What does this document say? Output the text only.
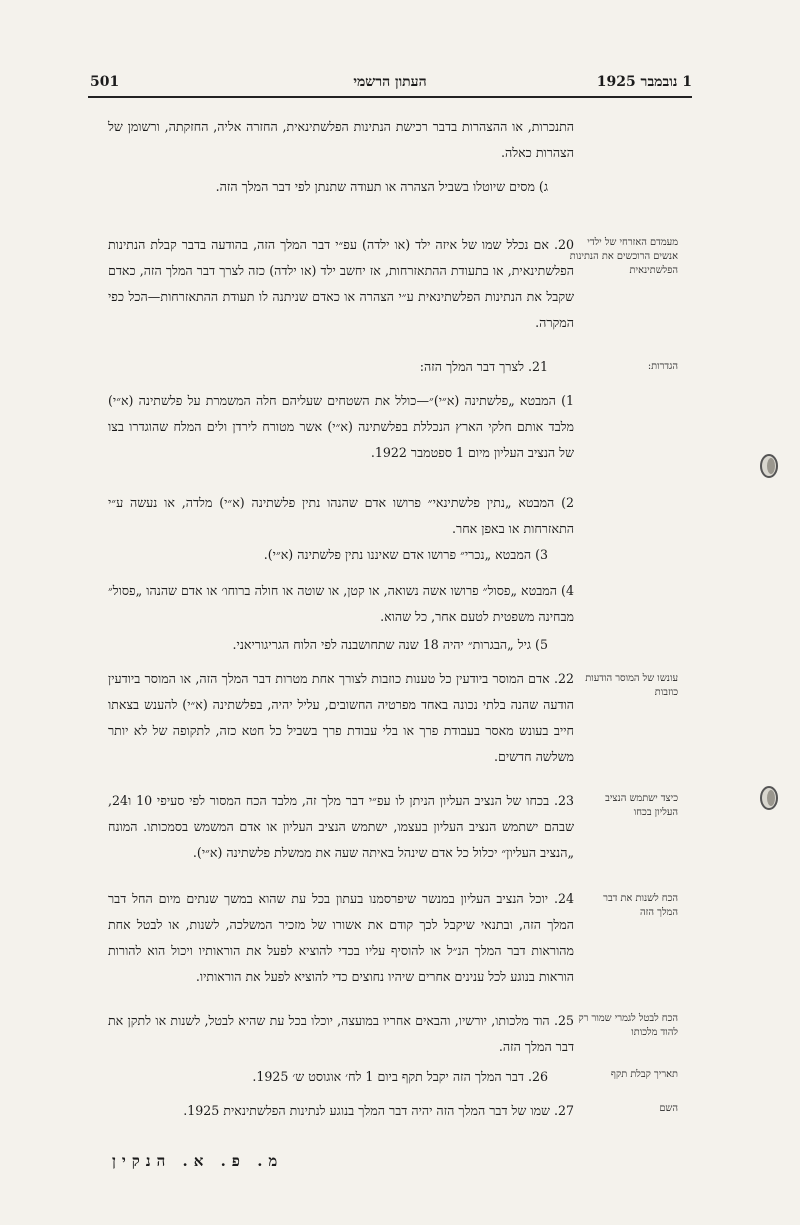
501	העתון הרשמי	1 נובמבר 1925
התנכרות, או ההצהרות בדבר רכישת הנתינות הפלשתינאית, החזרה אליה, החזקתה, ורשומן של הצהרות כאלה.
ג) מסים שיוטלו בשביל הצהרה או תעודה שתנתן לפי דבר המלך הזה.
20. אם נכלל שמו של איזה ילד (או ילדה) עפ״י דבר המלך הזה, בהודעה בדבר קבלת הנתינות הפלשתינאית, או בתעודת ההתאזרחות, אז יחשב ילד (או ילדה) כזה לצרך דבר המלך הזה, כאדם שקבל את הנתינות הפלשתינאית ע״י הצהרה או כאדם שניתנה לו תעודת ההתאזרחות—הכל כפי המקרה.
21. לצרך דבר המלך הזה:
1) המבטא „פלשתינה (א״י)״—כולל את השטחים שעליהם חלה המשמרת על פלשתינה (א״י) מלבד אותם חלקי הארץ הנכללת בפלשתינה (א״י) אשר מטורח לירדן ולים המלח שהוגדרו בצו של הנציב העליון מיום 1 ספטמבר 1922.
2) המבטא „נתין פלשתינאי״ פרושו אדם שהנהו נתין פלשתינה (א״י) מלדה, או נעשה ע״י התאזרחות או באפן אחר.
3) המבטא „נכרי״ פרושו אדם שאיננו נתין פלשתינה (א״י).
4) המבטא „פסול״ פרושו אשה נשואה, או קטן, או שוטה או חולה ברוחו׳ או אדם שהנהו „פסול״ מבחינה משפטית לטעם אחר, כל שהוא.
5) גיל „הבגרות״ יהיה 18 שנה שתחושבנה לפי הלוח הגריגוריאני.
22. אדם המוסר ביודעין כל טענות כוזבות לצורך אחת מטרות דבר המלך הזה, או המוסר ביודעין הודעה שהנה בלתי נכונה באחד מפרטיה החשובים, עליל יהיה, בפלשתינה (א״י) להענש בצאתו חייב בעונש מאסר בעבודת פרך או בלי עבודת פרך בשביל כל חטא כזה, לתקופה של לא יותר משלשה חדשים.
23. בכחו של הנציב העליון הניתן לו עפ״י דבר מלך זה, מלבד הכח המסור לפי סעיפי 10 ו24, שבהם ישתמש הנציב העליון בעצמו, ישתמש הנציב העליון או אדם המשמש בסמכותו. המונח „הנציב העליון״ יכלול כל אדם שינהל באיתה שעה את ממשלת פלשתינה (א״י).
24. יוכל הנציב העליון במנשר שיפרסמנו בעתון בכל עת שהוא במשך שנתים מיום החל דבר המלך הזה, ובתנאי שיקבל לכך קודם את אשורו של מזכיר המשלכה, לשנות, או לבטל אחת מהוראות דבר המלך הנ״ל או להוסיף עליו בכדי להוציא לפעל את הוראותיו ויכול הוא להורות הוראות בנוגע לכל ענינים אחרים שיהיו נחוצים כדי להוציא לפעל את הוראותיו.
25. הוד מלכותו, יורשיו, והבאים אחריו במועצה, יוכלו בכל עת שהיא לבטל, לשנות או לתקן את דבר המלך הזה.
26. דבר המלך הזה יקבל תקף ביום 1 לח׳ אוגוסט ש׳ 1925.
27. שמו של דבר המלך הזה יהיה דבר המלך בנוגע לנתינות הפלשתינאית 1925.
מעמדם האזרחי של ילדי אנשים הרוכשים את הנתינות הפלשתינאית
הגדרות:
עונשו של המוסר הודעות כוזבות
כיצד ישתמש הנציב העליון בכחו
הכח לשנות את דבר המלך הזה
הכח לבטל לגמרי שמור רק להוד מלכותו
תאריך קבלת תקף
השם
מ. פ. א. הנקין
